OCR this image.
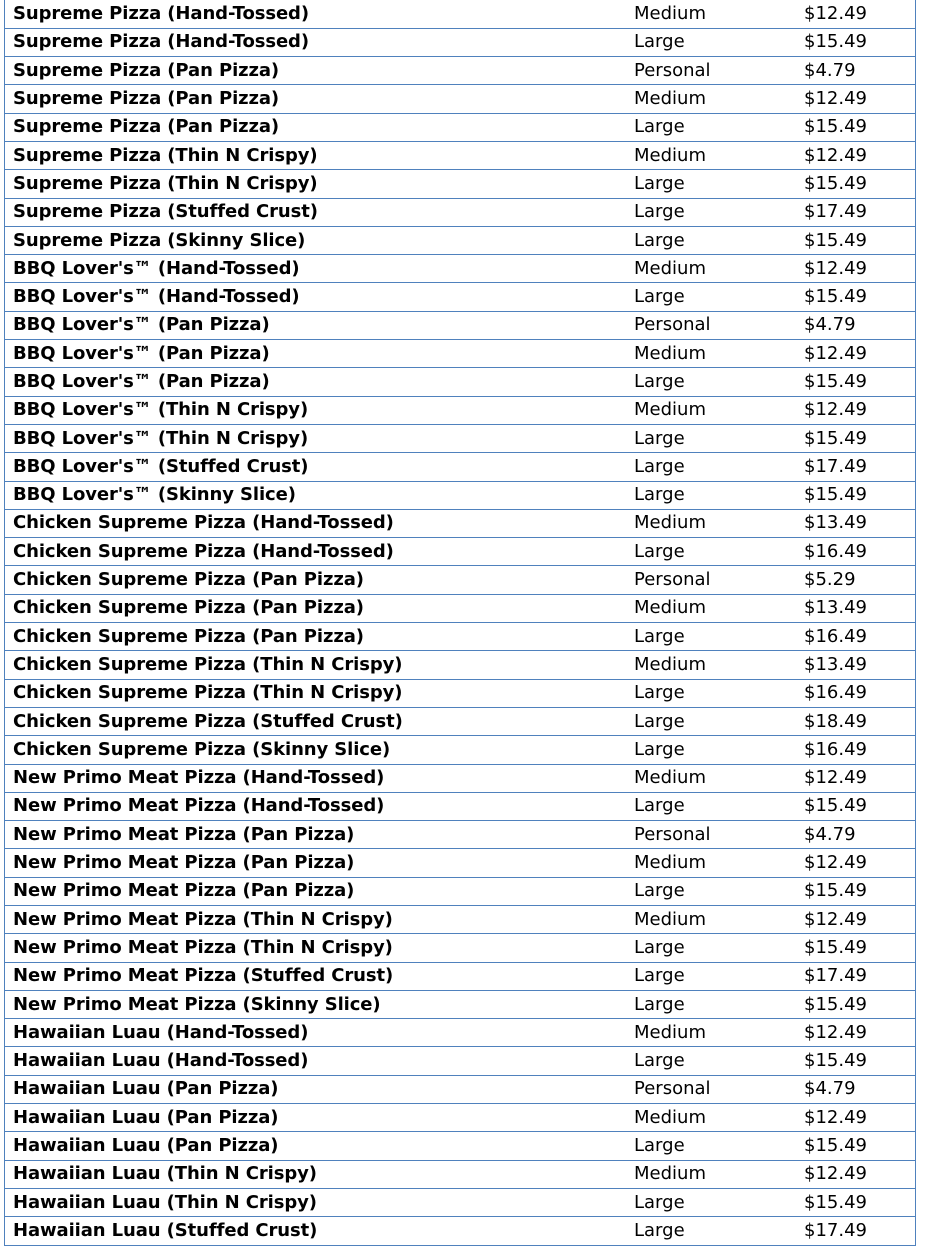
Supreme Pizza (Hand-Tossed)	Medium	$12.49
Supreme Pizza (Hand-Tossed)	Large	$15.49
Supreme Pizza (Pan Pizza)	Personal	$4.79
Supreme Pizza (Pan Pizza)	Medium	$12.49
Supreme Pizza (Pan Pizza)	Large	$15.49
Supreme Pizza (Thin N Crispy)	Medium	$12.49
Supreme Pizza (Thin N Crispy)	Large	$15.49
Supreme Pizza (Stuffed Crust)	Large	$17.49
Supreme Pizza (Skinny Slice)	Large	$15.49
BBQ Lover's™ (Hand-Tossed)	Medium	$12.49
BBQ Lover's™ (Hand-Tossed)	Large	$15.49
BBQ Lover's™ (Pan Pizza)	Personal	$4.79
BBQ Lover's™ (Pan Pizza)	Medium	$12.49
BBQ Lover's™ (Pan Pizza)	Large	$15.49
BBQ Lover's™ (Thin N Crispy)	Medium	$12.49
BBQ Lover's™ (Thin N Crispy)	Large	$15.49
BBQ Lover's™ (Stuffed Crust)	Large	$17.49
BBQ Lover's™ (Skinny Slice)	Large	$15.49
Chicken Supreme Pizza (Hand-Tossed)	Medium	$13.49
Chicken Supreme Pizza (Hand-Tossed)	Large	$16.49
Chicken Supreme Pizza (Pan Pizza)	Personal	$5.29
Chicken Supreme Pizza (Pan Pizza)	Medium	$13.49
Chicken Supreme Pizza (Pan Pizza)	Large	$16.49
Chicken Supreme Pizza (Thin N Crispy)	Medium	$13.49
Chicken Supreme Pizza (Thin N Crispy)	Large	$16.49
Chicken Supreme Pizza (Stuffed Crust)	Large	$18.49
Chicken Supreme Pizza (Skinny Slice)	Large	$16.49
New Primo Meat Pizza (Hand-Tossed)	Medium	$12.49
New Primo Meat Pizza (Hand-Tossed)	Large	$15.49
New Primo Meat Pizza (Pan Pizza)	Personal	$4.79
New Primo Meat Pizza (Pan Pizza)	Medium	$12.49
New Primo Meat Pizza (Pan Pizza)	Large	$15.49
New Primo Meat Pizza (Thin N Crispy)	Medium	$12.49
New Primo Meat Pizza (Thin N Crispy)	Large	$15.49
New Primo Meat Pizza (Stuffed Crust)	Large	$17.49
New Primo Meat Pizza (Skinny Slice)	Large	$15.49
Hawaiian Luau (Hand-Tossed)	Medium	$12.49
Hawaiian Luau (Hand-Tossed)	Large	$15.49
Hawaiian Luau (Pan Pizza)	Personal	$4.79
Hawaiian Luau (Pan Pizza)	Medium	$12.49
Hawaiian Luau (Pan Pizza)	Large	$15.49
Hawaiian Luau (Thin N Crispy)	Medium	$12.49
Hawaiian Luau (Thin N Crispy)	Large	$15.49
Hawaiian Luau (Stuffed Crust)	Large	$17.49
